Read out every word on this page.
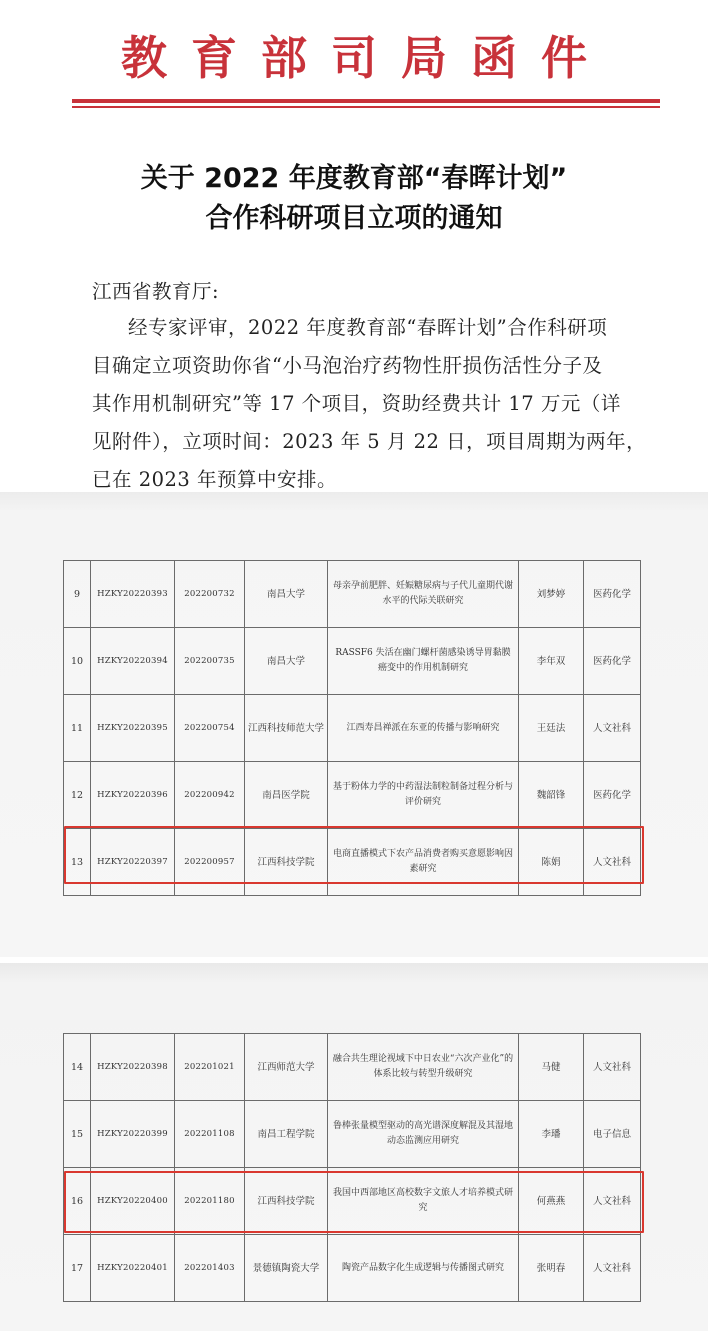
教育部司局函件
关于 2022 年度教育部“春晖计划”
合作科研项目立项的通知
江西省教育厅:
经专家评审，2022 年度教育部“春晖计划”合作科研项
目确定立项资助你省“小马泡治疗药物性肝损伤活性分子及
其作用机制研究”等 17 个项目，资助经费共计 17 万元（详
见附件），立项时间：2023 年 5 月 22 日，项目周期为两年，
已在 2023 年预算中安排。
9	HZKY20220393	202200732	南昌大学	母亲孕前肥胖、妊娠糖尿病与子代儿童期代谢水平的代际关联研究	刘梦婷	医药化学
10	HZKY20220394	202200735	南昌大学	RASSF6 失活在幽门螺杆菌感染诱导胃黏膜癌变中的作用机制研究	李年双	医药化学
11	HZKY20220395	202200754	江西科技师范大学	江西寿昌禅派在东亚的传播与影响研究	王廷法	人文社科
12	HZKY20220396	202200942	南昌医学院	基于粉体力学的中药湿法制粒制备过程分析与评价研究	魏韶锋	医药化学
13	HZKY20220397	202200957	江西科技学院	电商直播模式下农产品消费者购买意愿影响因素研究	陈娟	人文社科
14	HZKY20220398	202201021	江西师范大学	融合共生理论视域下中日农业“六次产业化”的体系比较与转型升级研究	马健	人文社科
15	HZKY20220399	202201108	南昌工程学院	鲁棒张量模型驱动的高光谱深度解混及其湿地动态监测应用研究	李璠	电子信息
16	HZKY20220400	202201180	江西科技学院	我国中西部地区高校数字文旅人才培养模式研究	何燕燕	人文社科
17	HZKY20220401	202201403	景德镇陶瓷大学	陶瓷产品数字化生成逻辑与传播图式研究	张明春	人文社科
